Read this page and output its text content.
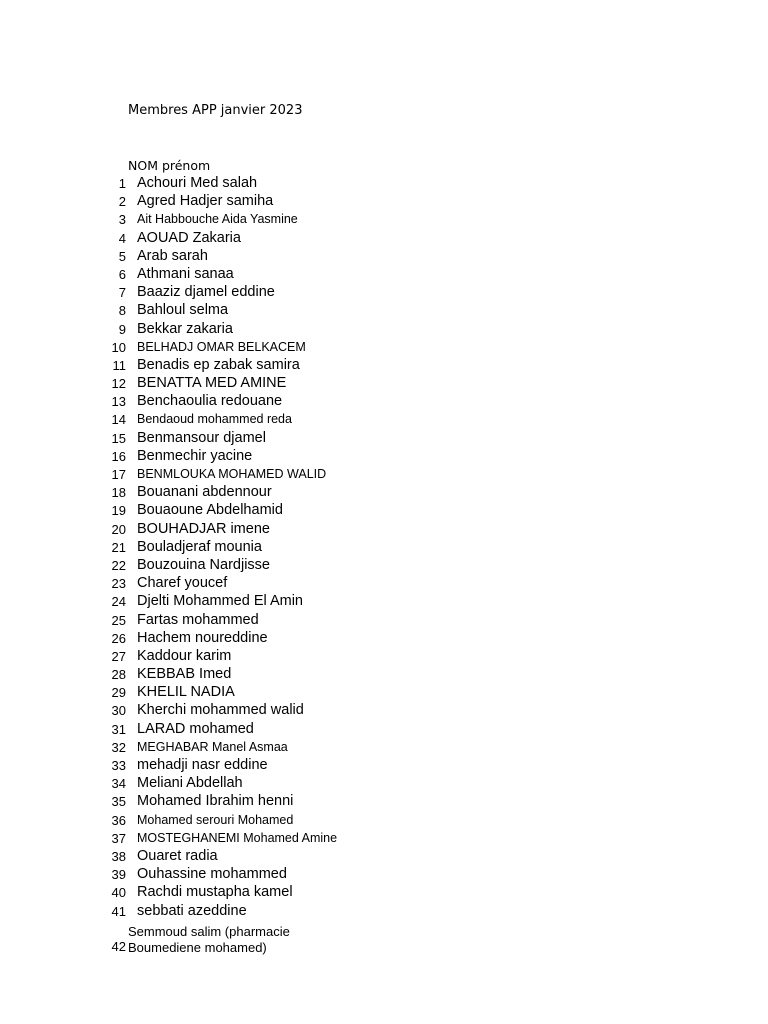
Membres APP janvier 2023
NOM prénom
1 Achouri Med salah
2 Agred Hadjer samiha
3 Ait Habbouche Aida Yasmine
4 AOUAD Zakaria
5 Arab sarah
6 Athmani sanaa
7 Baaziz djamel eddine
8 Bahloul selma
9 Bekkar zakaria
10 BELHADJ OMAR BELKACEM
11 Benadis ep zabak samira
12 BENATTA MED AMINE
13 Benchaoulia redouane
14 Bendaoud mohammed reda
15 Benmansour djamel
16 Benmechir yacine
17 BENMLOUKA MOHAMED WALID
18 Bouanani abdennour
19 Bouaoune Abdelhamid
20 BOUHADJAR imene
21 Bouladjeraf mounia
22 Bouzouina Nardjisse
23 Charef youcef
24 Djelti Mohammed El Amin
25 Fartas mohammed
26 Hachem noureddine
27 Kaddour karim
28 KEBBAB Imed
29 KHELIL NADIA
30 Kherchi mohammed walid
31 LARAD mohamed
32 MEGHABAR Manel Asmaa
33 mehadji nasr eddine
34 Meliani Abdellah
35 Mohamed Ibrahim henni
36 Mohamed serouri Mohamed
37 MOSTEGHANEMI Mohamed Amine
38 Ouaret radia
39 Ouhassine mohammed
40 Rachdi mustapha kamel
41 sebbati azeddine
42
Semmoud salim (pharmacie
Boumediene mohamed)
